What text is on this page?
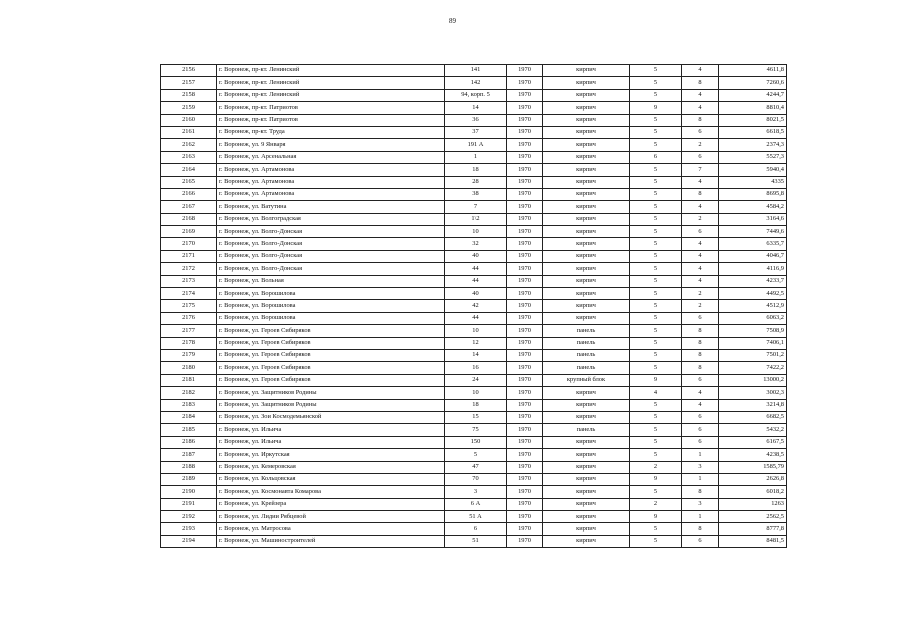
89
2156	г. Воронеж, пр-кт. Ленинский	141	1970	кирпич	5	4	4611,8
2157	г. Воронеж, пр-кт. Ленинский	142	1970	кирпич	5	8	7260,6
2158	г. Воронеж, пр-кт. Ленинский	94, корп. 5	1970	кирпич	5	4	4244,7
2159	г. Воронеж, пр-кт. Патриотов	14	1970	кирпич	9	4	8810,4
2160	г. Воронеж, пр-кт. Патриотов	36	1970	кирпич	5	8	8021,5
2161	г. Воронеж, пр-кт. Труда	37	1970	кирпич	5	6	6618,5
2162	г. Воронеж, ул. 9 Января	191 А	1970	кирпич	5	2	2374,3
2163	г. Воронеж, ул. Арсенальная	1	1970	кирпич	6	6	5527,3
2164	г. Воронеж, ул. Артамонова	18	1970	кирпич	5	7	5940,4
2165	г. Воронеж, ул. Артамонова	28	1970	кирпич	5	4	4335
2166	г. Воронеж, ул. Артамонова	38	1970	кирпич	5	8	8695,8
2167	г. Воронеж, ул. Ватутина	7	1970	кирпич	5	4	4584,2
2168	г. Воронеж, ул. Волгоградская	1\2	1970	кирпич	5	2	3164,6
2169	г. Воронеж, ул. Волго-Донская	10	1970	кирпич	5	6	7449,6
2170	г. Воронеж, ул. Волго-Донская	32	1970	кирпич	5	4	6335,7
2171	г. Воронеж, ул. Волго-Донская	40	1970	кирпич	5	4	4046,7
2172	г. Воронеж, ул. Волго-Донская	44	1970	кирпич	5	4	4116,9
2173	г. Воронеж, ул. Вольная	44	1970	кирпич	5	4	4233,7
2174	г. Воронеж, ул. Ворошилова	40	1970	кирпич	5	2	4492,5
2175	г. Воронеж, ул. Ворошилова	42	1970	кирпич	5	2	4512,9
2176	г. Воронеж, ул. Ворошилова	44	1970	кирпич	5	6	6063,2
2177	г. Воронеж, ул. Героев Сибиряков	10	1970	панель	5	8	7508,9
2178	г. Воронеж, ул. Героев Сибиряков	12	1970	панель	5	8	7406,1
2179	г. Воронеж, ул. Героев Сибиряков	14	1970	панель	5	8	7501,2
2180	г. Воронеж, ул. Героев Сибиряков	16	1970	панель	5	8	7422,2
2181	г. Воронеж, ул. Героев Сибиряков	24	1970	крупный блок	9	6	13000,2
2182	г. Воронеж, ул. Защитников Родины	10	1970	кирпич	4	4	3002,3
2183	г. Воронеж, ул. Защитников Родины	18	1970	кирпич	5	4	3214,8
2184	г. Воронеж, ул. Зои Космодемьянской	15	1970	кирпич	5	6	6682,5
2185	г. Воронеж, ул. Ильича	75	1970	панель	5	6	5432,2
2186	г. Воронеж, ул. Ильича	150	1970	кирпич	5	6	6167,5
2187	г. Воронеж, ул. Иркутская	5	1970	кирпич	5	1	4238,5
2188	г. Воронеж, ул. Кемеровская	47	1970	кирпич	2	3	1585,79
2189	г. Воронеж, ул. Кольцовская	70	1970	кирпич	9	1	2626,8
2190	г. Воронеж, ул. Космонавта Комарова	3	1970	кирпич	5	8	6018,2
2191	г. Воронеж, ул. Крейзера	6 А	1970	кирпич	2	3	1263
2192	г. Воронеж, ул. Лидии Рябцевой	51 А	1970	кирпич	9	1	2562,5
2193	г. Воронеж, ул. Матросова	6	1970	кирпич	5	8	8777,8
2194	г. Воронеж, ул. Машиностроителей	51	1970	кирпич	5	6	8481,5
